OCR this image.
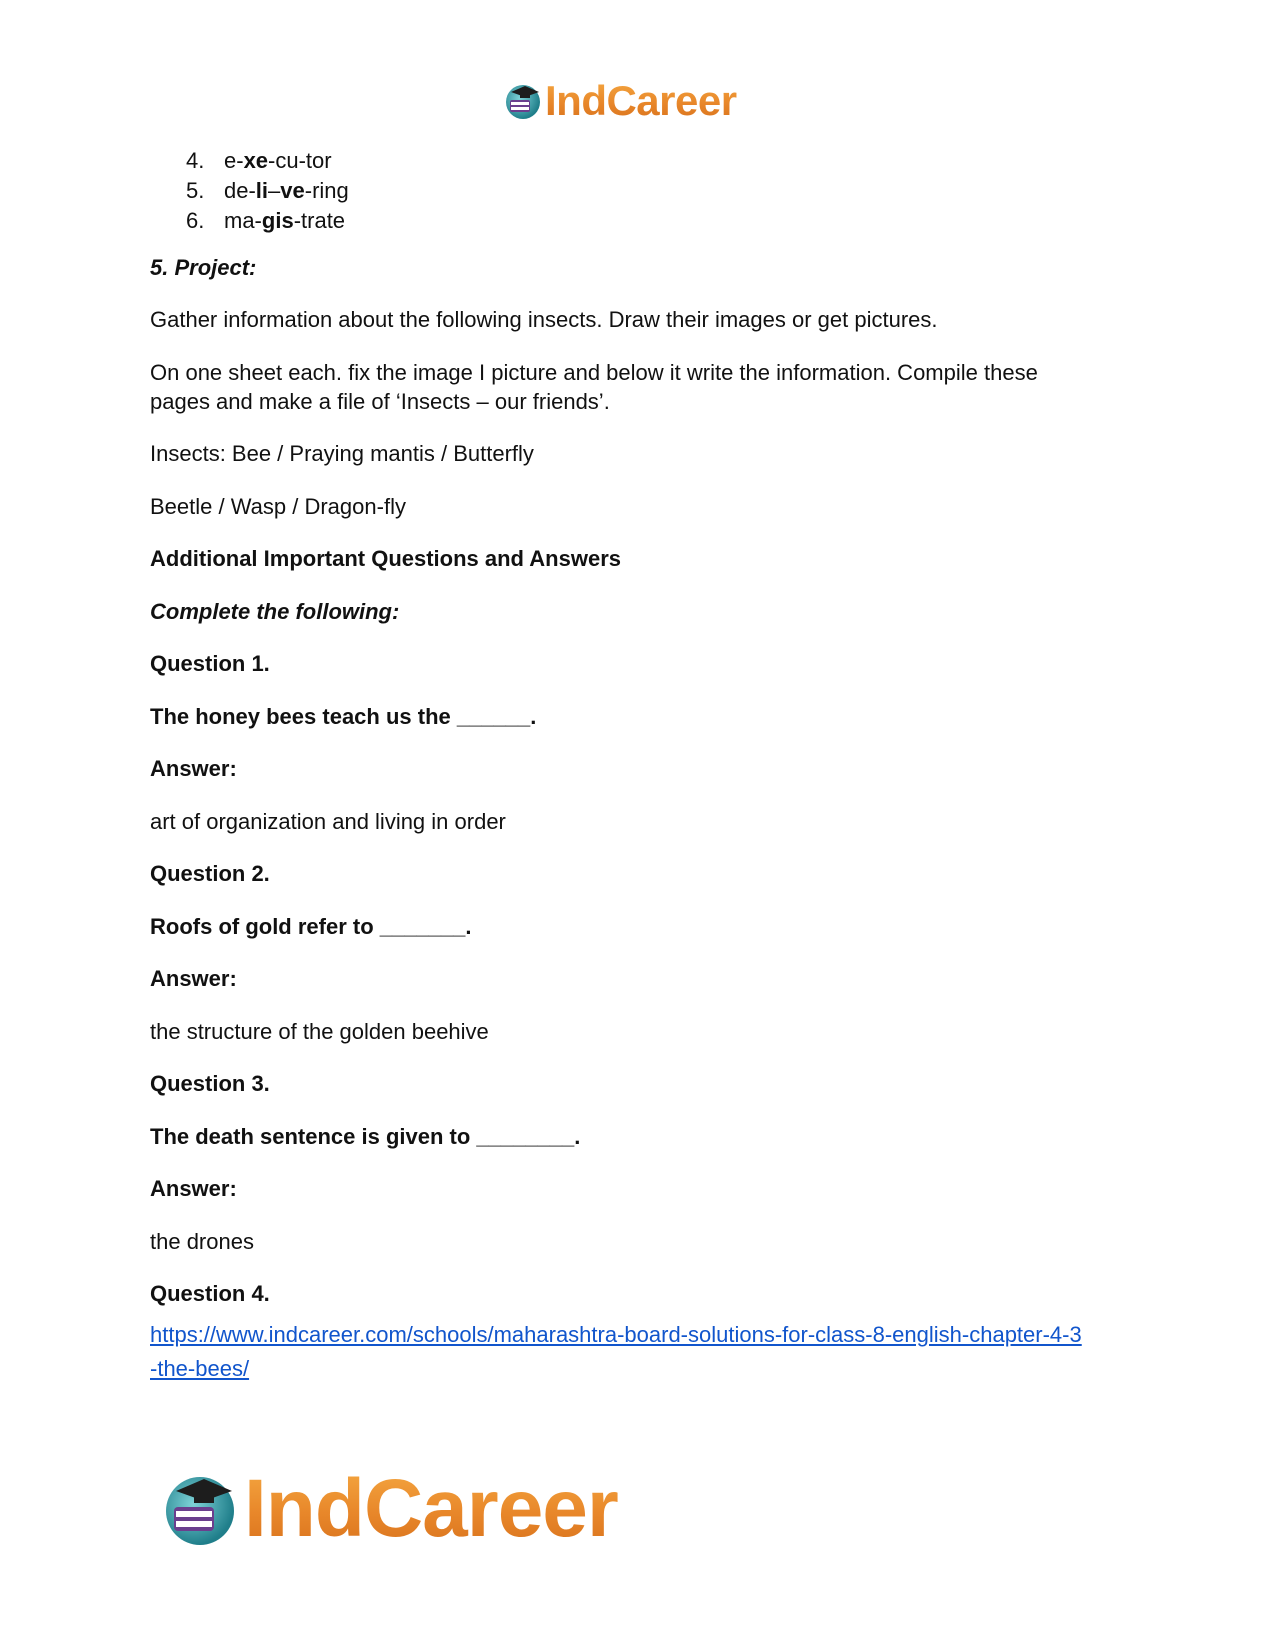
IndCareer
4. e-xe-cu-tor
5. de-li–ve-ring
6. ma-gis-trate

5. Project:

Gather information about the following insects. Draw their images or get pictures.

On one sheet each. fix the image I picture and below it write the information. Compile these

pages and make a file of ‘Insects – our friends’.

Insects: Bee / Praying mantis / Butterfly

Beetle / Wasp / Dragon-fly

Additional Important Questions and Answers

Complete the following:

Question 1.

The honey bees teach us the ______.

Answer:

art of organization and living in order

Question 2.

Roofs of gold refer to _______.

Answer:

the structure of the golden beehive

Question 3.

The death sentence is given to ________.

Answer:

the drones

Question 4.

https://www.indcareer.com/schools/maharashtra-board-solutions-for-class-8-english-chapter-4-3
-the-bees/
IndCareer
